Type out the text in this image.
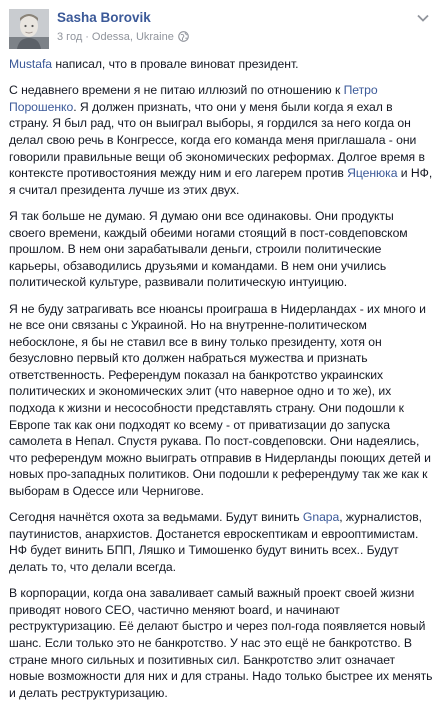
Sasha Borovik
3 год · Odessa, Ukraine

Mustafa написал, что в провале виноват президент.

С недавнего времени я не питаю иллюзий по отношению к Петро Порошенко. Я должен признать, что они у меня были когда я ехал в страну. Я был рад, что он выиграл выборы, я гордился за него когда он делал свою речь в Конгрессе, когда его команда меня приглашала - они говорили правильные вещи об экономических реформах. Долгое время в контексте противостояния между ним и его лагерем против Яценюка и НФ, я считал президента лучше из этих двух.

Я так больше не думаю. Я думаю они все одинаковы. Они продукты своего времени, каждый обеими ногами стоящий в пост-совдеповском прошлом. В нем они зарабатывали деньги, строили политические карьеры, обзаводились друзьями и командами. В нем они учились политической культуре, развивали политическую интуицию.

Я не буду затрагивать все нюансы проиграша в Нидерландах - их много и не все они связаны с Украиной. Но на внутренне-политическом небосклоне, я бы не ставил все в вину только президенту, хотя он безусловно первый кто должен набраться мужества и признать ответственность. Референдум показал на банкротство украинских политических и экономических элит (что наверное одно и то же), их подхода к жизни и несособности представлять страну. Они подошли к Европе так как они подходят ко всему - от приватизации до запуска самолета в Непал. Спустя рукава. По пост-совдеповски. Они надеялись, что референдум можно выиграть отправив в Нидерланды поющих детей и новых про-западных политиков. Они подошли к референдуму так же как к выборам в Одессе или Чернигове.

Сегодня начнётся охота за ведьмами. Будут винить Gnapa, журналистов, паутинистов, анархистов. Достанется евроскептикам и еврооптимистам. НФ будет винить БПП, Ляшко и Тимошенко будут винить всех.. Будут делать то, что делали всегда.

В корпорации, когда она заваливает самый важный проект своей жизни приводят нового CEO, частично меняют board, и начинают реструктуризацию. Её делают быстро и через пол-года появляется новый шанс. Если только это не банкротство. У нас это ещё не банкротство. В стране много сильных и позитивных сил. Банкротство элит означает новые возможности для них и для страны. Надо только быстрее их менять и делать реструктуризацию.
